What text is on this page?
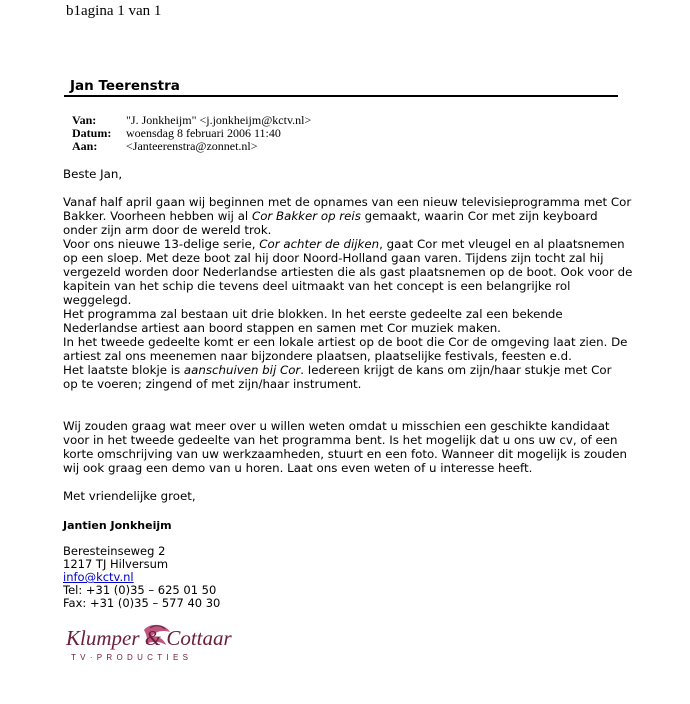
b1agina 1 van 1
Jan Teerenstra
Van:	"J. Jonkheijm" <j.jonkheijm@kctv.nl>
Datum:	woensdag 8 februari 2006 11:40
Aan:	<Janteerenstra@zonnet.nl>

Beste Jan,

Vanaf half april gaan wij beginnen met de opnames van een nieuw televisieprogramma met Cor
Bakker. Voorheen hebben wij al Cor Bakker op reis gemaakt, waarin Cor met zijn keyboard
onder zijn arm door de wereld trok.
Voor ons nieuwe 13-delige serie, Cor achter de dijken, gaat Cor met vleugel en al plaatsnemen
op een sloep. Met deze boot zal hij door Noord-Holland gaan varen. Tijdens zijn tocht zal hij
vergezeld worden door Nederlandse artiesten die als gast plaatsnemen op de boot. Ook voor de
kapitein van het schip die tevens deel uitmaakt van het concept is een belangrijke rol
weggelegd.
Het programma zal bestaan uit drie blokken. In het eerste gedeelte zal een bekende
Nederlandse artiest aan boord stappen en samen met Cor muziek maken.
In het tweede gedeelte komt er een lokale artiest op de boot die Cor de omgeving laat zien. De
artiest zal ons meenemen naar bijzondere plaatsen, plaatselijke festivals, feesten e.d.
Het laatste blokje is aanschuiven bij Cor. Iedereen krijgt de kans om zijn/haar stukje met Cor
op te voeren; zingend of met zijn/haar instrument.
Wij zouden graag wat meer over u willen weten omdat u misschien een geschikte kandidaat
voor in het tweede gedeelte van het programma bent. Is het mogelijk dat u ons uw cv, of een
korte omschrijving van uw werkzaamheden, stuurt en een foto. Wanneer dit mogelijk is zouden
wij ook graag een demo van u horen. Laat ons even weten of u interesse heeft.

Met vriendelijke groet,

Jantien Jonkheijm
Beresteinseweg 2
1217 TJ Hilversum
info@kctv.nl
Tel: +31 (0)35 – 625 01 50
Fax: +31 (0)35 – 577 40 30
Klumper & Cottaar
TV·PRODUCTIES
